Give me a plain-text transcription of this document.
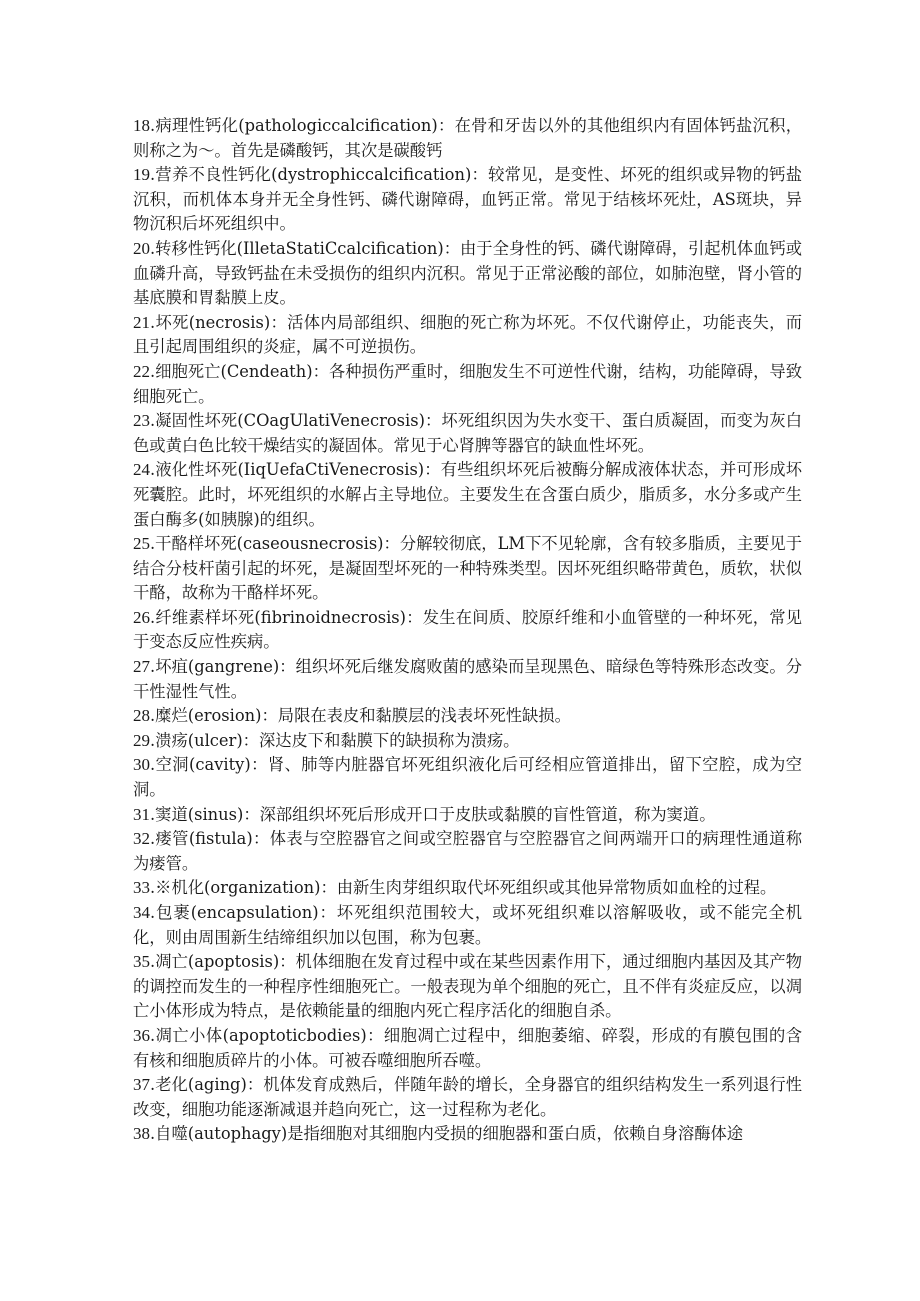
18.病理性钙化(pathologiccalcification)：在骨和牙齿以外的其他组织内有固体钙盐沉积，则称之为～。首先是磷酸钙，其次是碳酸钙

19.营养不良性钙化(dystrophiccalcification)：较常见，是变性、坏死的组织或异物的钙盐沉积，而机体本身并无全身性钙、磷代谢障碍，血钙正常。常见于结核坏死灶，AS斑块，异物沉积后坏死组织中。

20.转移性钙化(IlletaStatiCcalcification)：由于全身性的钙、磷代谢障碍，引起机体血钙或血磷升高，导致钙盐在未受损伤的组织内沉积。常见于正常泌酸的部位，如肺泡壁，肾小管的基底膜和胃黏膜上皮。

21.坏死(necrosis)：活体内局部组织、细胞的死亡称为坏死。不仅代谢停止，功能丧失，而且引起周围组织的炎症，属不可逆损伤。

22.细胞死亡(Cendeath)：各种损伤严重时，细胞发生不可逆性代谢，结构，功能障碍，导致细胞死亡。

23.凝固性坏死(COagUlatiVenecrosis)：坏死组织因为失水变干、蛋白质凝固，而变为灰白色或黄白色比较干燥结实的凝固体。常见于心肾脾等器官的缺血性坏死。

24.液化性坏死(IiqUefaCtiVenecrosis)：有些组织坏死后被酶分解成液体状态，并可形成坏死囊腔。此时，坏死组织的水解占主导地位。主要发生在含蛋白质少，脂质多，水分多或产生蛋白酶多(如胰腺)的组织。

25.干酪样坏死(caseousnecrosis)：分解较彻底，LM下不见轮廓，含有较多脂质，主要见于结合分枝杆菌引起的坏死，是凝固型坏死的一种特殊类型。因坏死组织略带黄色，质软，状似干酪，故称为干酪样坏死。

26.纤维素样坏死(fibrinoidnecrosis)：发生在间质、胶原纤维和小血管壁的一种坏死，常见于变态反应性疾病。

27.坏疽(gangrene)：组织坏死后继发腐败菌的感染而呈现黑色、暗绿色等特殊形态改变。分干性湿性气性。

28.糜烂(erosion)：局限在表皮和黏膜层的浅表坏死性缺损。

29.溃疡(ulcer)：深达皮下和黏膜下的缺损称为溃疡。

30.空洞(cavity)：肾、肺等内脏器官坏死组织液化后可经相应管道排出，留下空腔，成为空洞。

31.窦道(sinus)：深部组织坏死后形成开口于皮肤或黏膜的盲性管道，称为窦道。

32.瘘管(fistula)：体表与空腔器官之间或空腔器官与空腔器官之间两端开口的病理性通道称为瘘管。

33.※机化(organization)：由新生肉芽组织取代坏死组织或其他异常物质如血栓的过程。

34.包裹(encapsulation)：坏死组织范围较大，或坏死组织难以溶解吸收，或不能完全机化，则由周围新生结缔组织加以包围，称为包裹。

35.凋亡(apoptosis)：机体细胞在发育过程中或在某些因素作用下，通过细胞内基因及其产物的调控而发生的一种程序性细胞死亡。一般表现为单个细胞的死亡，且不伴有炎症反应，以凋亡小体形成为特点，是依赖能量的细胞内死亡程序活化的细胞自杀。

36.凋亡小体(apoptoticbodies)：细胞凋亡过程中，细胞萎缩、碎裂，形成的有膜包围的含有核和细胞质碎片的小体。可被吞噬细胞所吞噬。

37.老化(aging)：机体发育成熟后，伴随年龄的增长，全身器官的组织结构发生一系列退行性改变，细胞功能逐渐减退并趋向死亡，这一过程称为老化。

38.自噬(autophagy)是指细胞对其细胞内受损的细胞器和蛋白质，依赖自身溶酶体途
